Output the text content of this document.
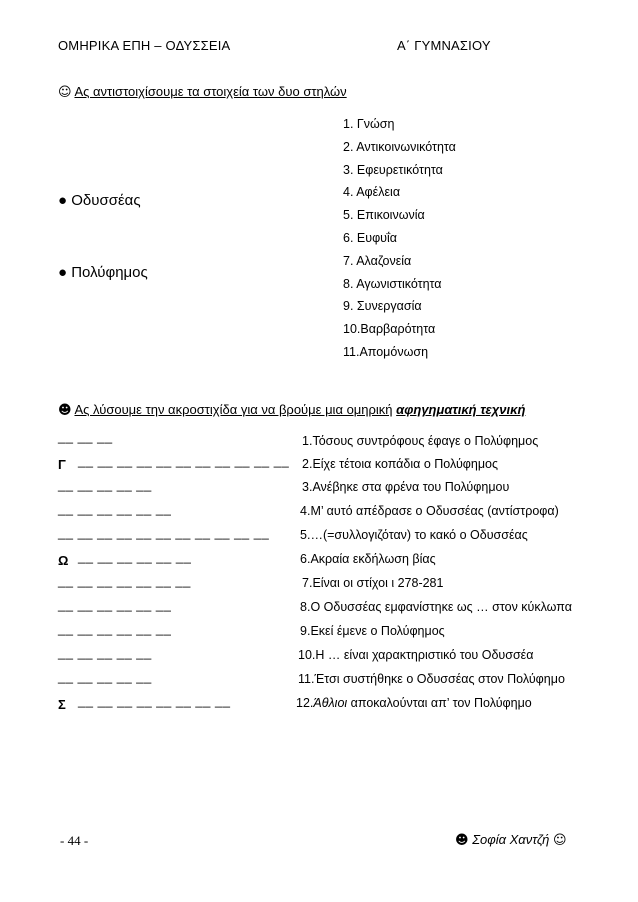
ΟΜΗΡΙΚΑ ΕΠΗ – ΟΔΥΣΣΕΙΑ	Α΄ ΓΥΜΝΑΣΙΟΥ
☺ Ας αντιστοιχίσουμε τα στοιχεία των δυο στηλών
● Οδυσσέας
● Πολύφημος
1. Γνώση
2. Αντικοινωνικότητα
3. Εφευρετικότητα
4. Αφέλεια
5. Επικοινωνία
6. Ευφυΐα
7. Αλαζονεία
8. Αγωνιστικότητα
9. Συνεργασία
10.Βαρβαρότητα
11.Απομόνωση
☻ Ας λύσουμε την ακροστιχίδα για να βρούμε μια ομηρική αφηγηματική τεχνική
__ __ __	1.Τόσους συντρόφους έφαγε ο Πολύφημος
Γ __ __ __ __ __ __ __ __ __ __ __ 2.Είχε τέτοια κοπάδια ο Πολύφημος
__ __ __ __ __	3.Ανέβηκε στα φρένα του Πολύφημου
__ __ __ __ __ __	4.Μ’ αυτό απέδρασε ο Οδυσσέας (αντίστροφα)
__ __ __ __ __ __ __ __ __ __ __ 5.…(=συλλογιζόταν) το κακό ο Οδυσσέας
Ω __ __ __ __ __ __	6.Ακραία εκδήλωση βίας
__ __ __ __ __ __ __	7.Είναι οι στίχοι ι 278-281
__ __ __ __ __ __	8.Ο Οδυσσέας εμφανίστηκε ως … στον κύκλωπα
__ __ __ __ __ __	9.Εκεί έμενε ο Πολύφημος
__ __ __ __ __	10.Η … είναι χαρακτηριστικό του Οδυσσέα
__ __ __ __ __	11.Έτσι συστήθηκε ο Οδυσσέας στον Πολύφημο
Σ __ __ __ __ __ __ __ __	12.Άθλιοι αποκαλούνται απ’ τον Πολύφημο
- 44 -	☻ Σοφία Χαντζή ☺
